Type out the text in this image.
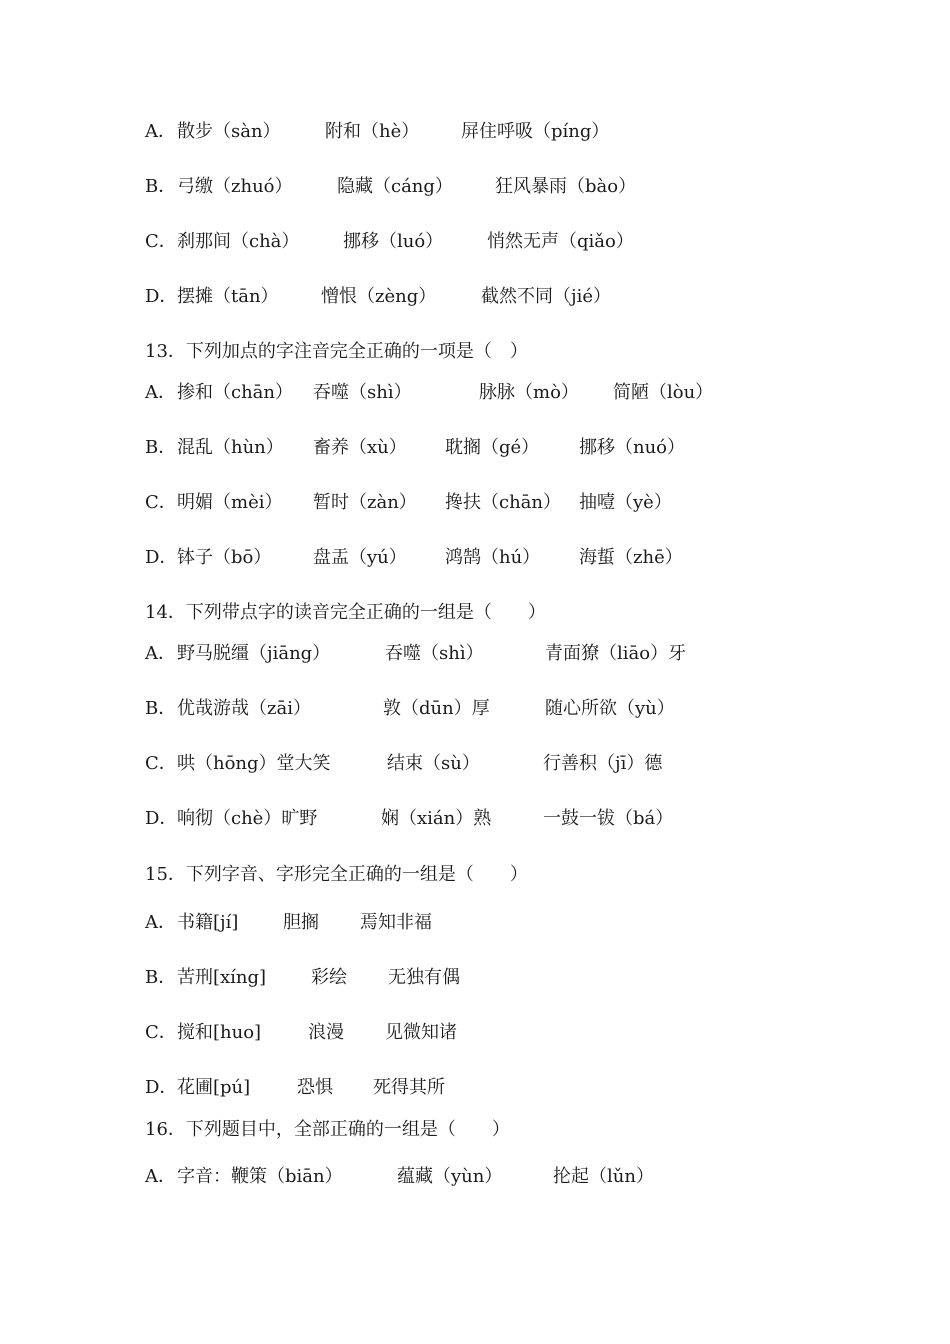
A． 散步（sàn） 附和（hè） 屏住呼吸（píng）
B． 弓缴（zhuó） 隐藏（cáng） 狂风暴雨（bào）
C． 刹那间（chà） 挪移（luó） 悄然无声（qiǎo）
D． 摆摊（tān） 憎恨（zèng） 截然不同（jié）
13．下列加点的字注音完全正确的一项是（　）
A． 掺和（chān） 吞噬（shì）	脉脉（mò） 简陋（lòu）
B． 混乱（hùn） 畜养（xù） 耽搁（gé） 挪移（nuó）
C． 明媚（mèi） 暂时（zàn） 搀扶（chān） 抽噎（yè）
D． 钵子（bō） 盘盂（yú） 鸿鹄（hú） 海蜇（zhē）
14．下列带点字的读音完全正确的一组是（　　）
A． 野马脱缰（jiāng）	吞噬（shì）	青面獠（liāo）牙
B． 优哉游哉（zāi）	敦（dūn）厚	随心所欲（yù）
C． 哄（hōng）堂大笑	结束（sù）	行善积（jī）德
D． 响彻（chè）旷野	娴（xián）熟	一鼓一钹（bá）
15．下列字音、字形完全正确的一组是（　　）
A． 书籍[jí] 胆搁 焉知非福
B． 苦刑[xíng] 彩绘 无独有偶
C． 搅和[huo]	浪漫 见微知诸
D． 花圃[pú]	恐惧 死得其所
16．下列题目中，全部正确的一组是（　　）
A． 字音：鞭策（biān）	蕴藏（yùn）	抡起（lǔn）
